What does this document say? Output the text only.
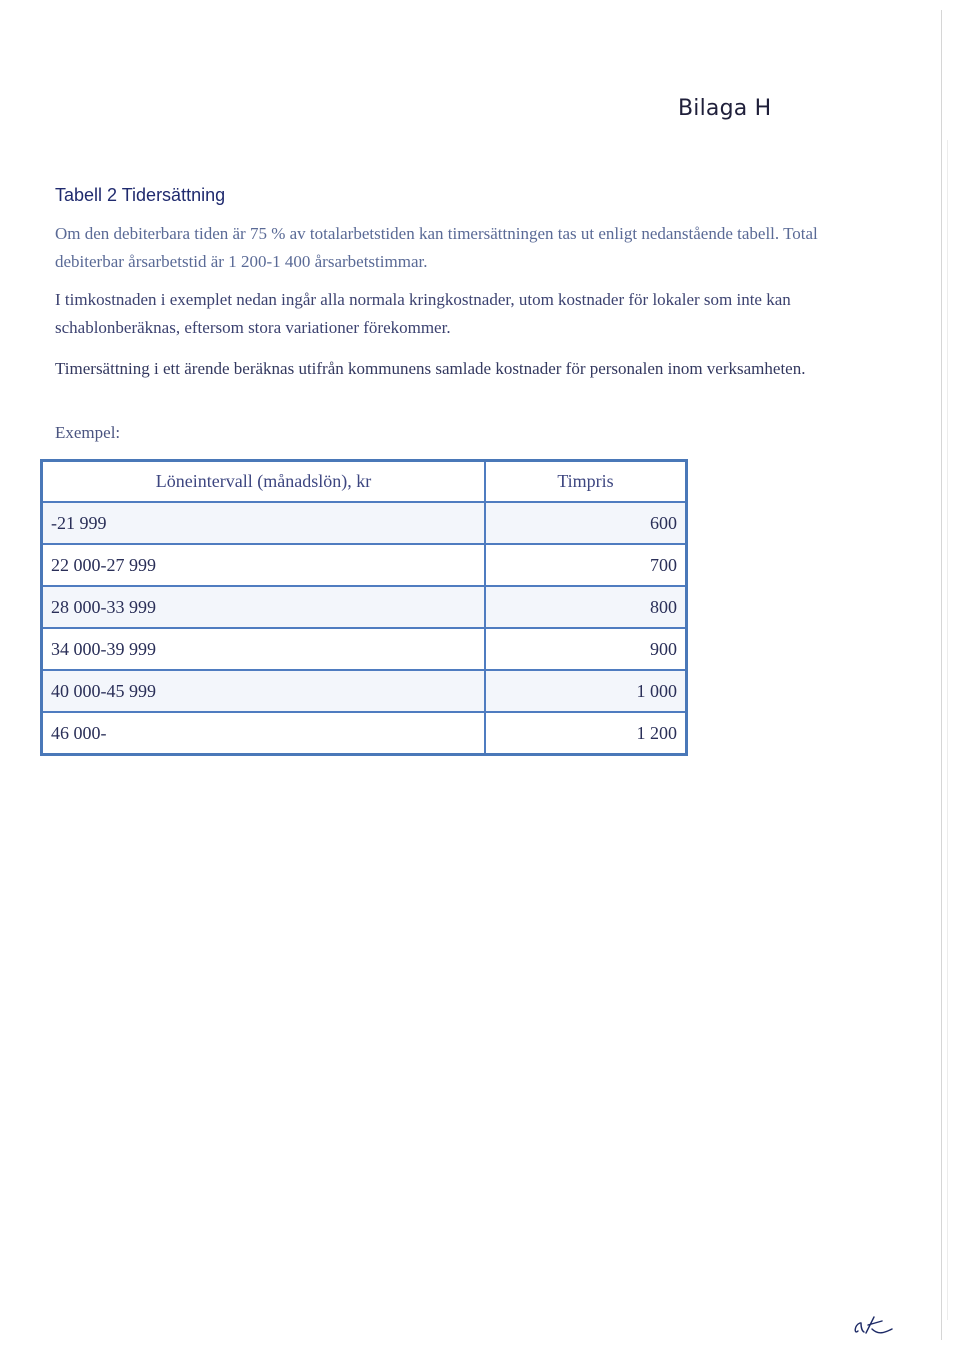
Bilaga H
Tabell 2 Tidersättning
Om den debiterbara tiden är 75 % av totalarbetstiden kan timersättningen tas ut enligt nedanstående tabell. Total debiterbar årsarbetstid är 1 200-1 400 årsarbetstimmar.
I timkostnaden i exemplet nedan ingår alla normala kringkostnader, utom kostnader för lokaler som inte kan schablonberäknas, eftersom stora variationer förekommer.
Timersättning i ett ärende beräknas utifrån kommunens samlade kostnader för personalen inom verksamheten.
Exempel:
Löneintervall (månadslön), kr	Timpris
-21 999	600
22 000-27 999	700
28 000-33 999	800
34 000-39 999	900
40 000-45 999	1 000
46 000-	1 200
